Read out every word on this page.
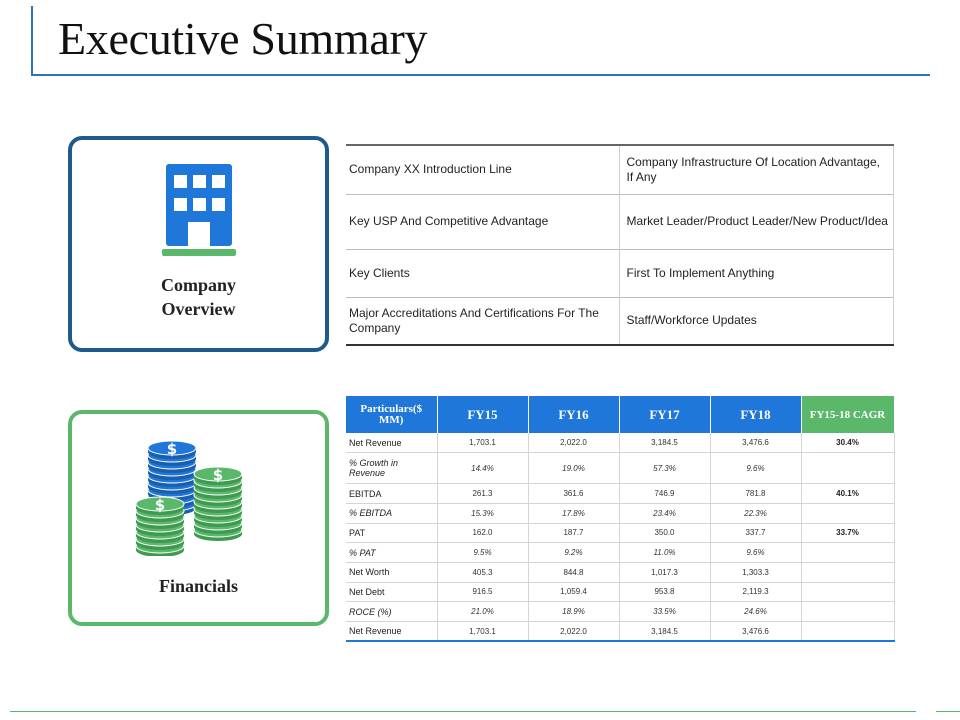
Executive Summary
Company
Overview
$
$
$
Financials
Company XX Introduction Line	Company Infrastructure Of Location Advantage, If Any
Key USP And Competitive Advantage	Market Leader/Product Leader/New Product/Idea
Key Clients	First To Implement Anything
Major Accreditations And Certifications For The Company	Staff/Workforce Updates
Particulars($ MM)	FY15	FY16	FY17	FY18	FY15-18 CAGR
Net Revenue	1,703.1	2,022.0	3,184.5	3,476.6	30.4%
% Growth in Revenue	14.4%	19.0%	57.3%	9.6%	
EBITDA	261.3	361.6	746.9	781.8	40.1%
% EBITDA	15.3%	17.8%	23.4%	22.3%	
PAT	162.0	187.7	350.0	337.7	33.7%
% PAT	9.5%	9.2%	11.0%	9.6%	
Net Worth	405.3	844.8	1,017.3	1,303.3	
Net Debt	916.5	1,059.4	953.8	2,119.3	
ROCE (%)	21.0%	18.9%	33.5%	24.6%	
Net Revenue	1,703.1	2,022.0	3,184.5	3,476.6	
